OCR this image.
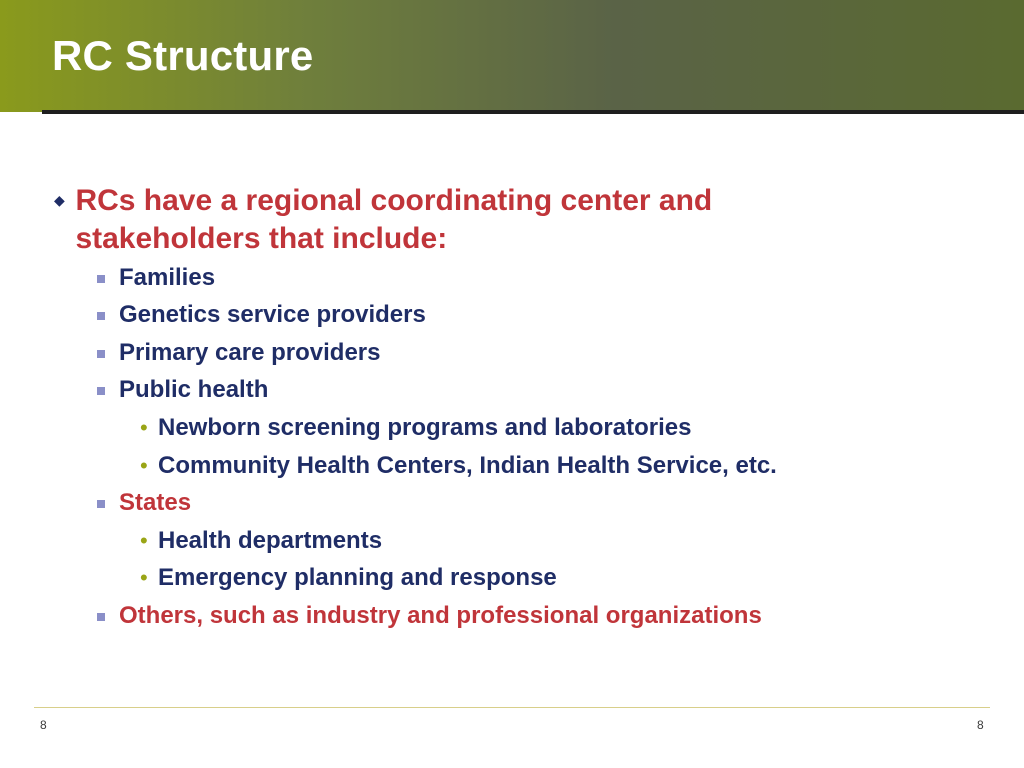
RC Structure
◆ RCs have a regional coordinating center and stakeholders that include:
Families
Genetics service providers
Primary care providers
Public health
• Newborn screening programs and laboratories
• Community Health Centers, Indian Health Service, etc.
States
• Health departments
• Emergency planning and response
Others, such as industry and professional organizations
8	8
